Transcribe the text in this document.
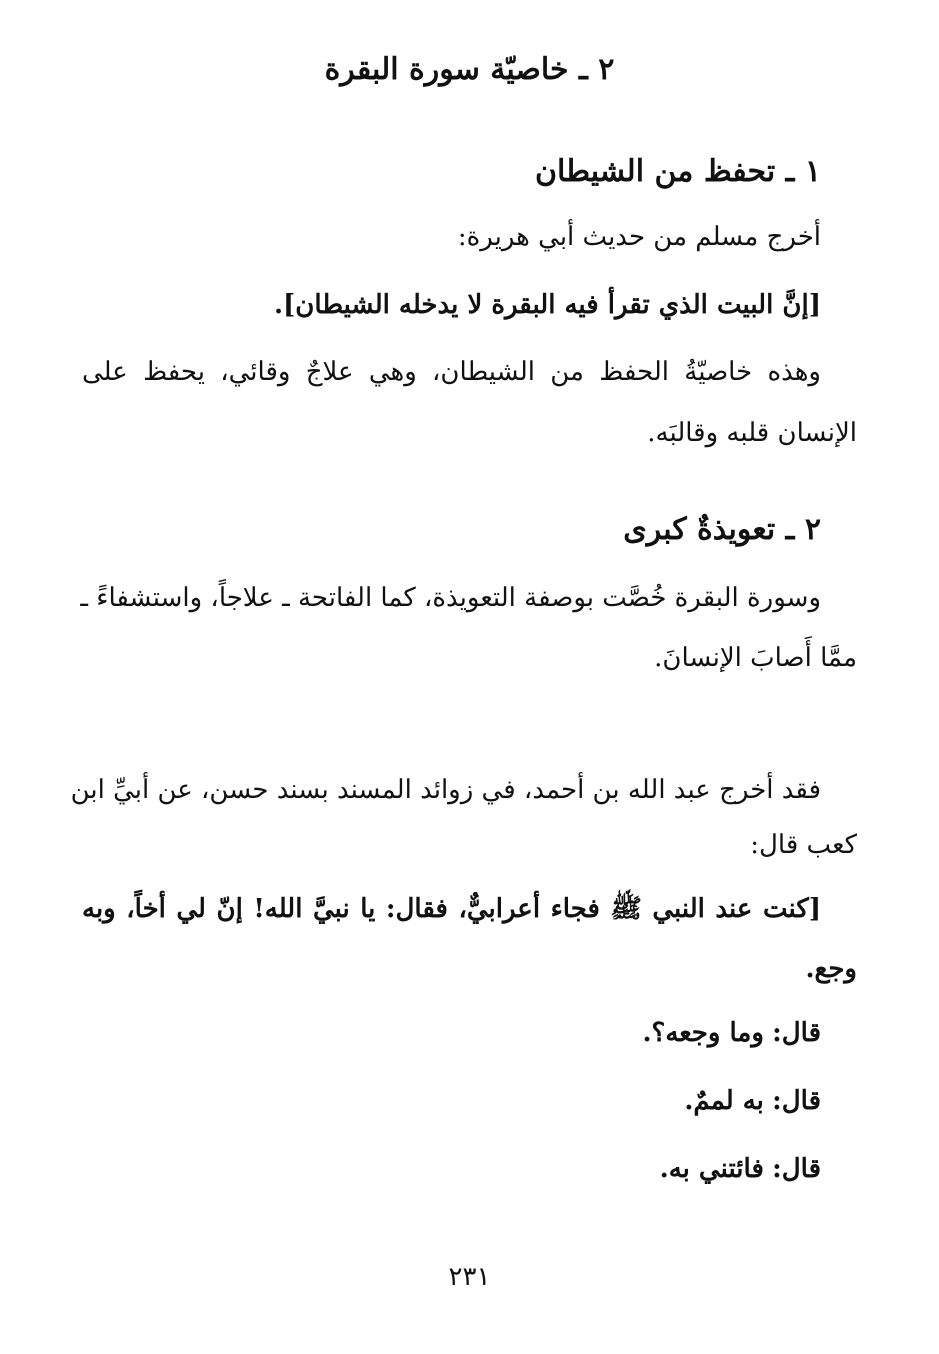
٢ ـ خاصيّة سورة البقرة
١ ـ تحفظ من الشيطان
أخرج مسلم من حديث أبي هريرة:
[إنَّ البيت الذي تقرأ فيه البقرة لا يدخله الشيطان].
وهذه خاصيّةُ الحفظ من الشيطان، وهي علاجٌ وقائي، يحفظ على
الإنسان قلبه وقالبَه.
٢ ـ تعويذةٌ كبرى
وسورة البقرة خُصَّت بوصفة التعويذة، كما الفاتحة ـ علاجاً، واستشفاءً ـ
ممَّا أَصابَ الإنسانَ.
فقد أخرج عبد الله بن أحمد، في زوائد المسند بسند حسن، عن أبيِّ ابن
كعب قال:
[كنت عند النبي ﷺ فجاء أعرابيٌّ، فقال: يا نبيَّ الله! إنّ لي أخاً، وبه
وجع.
قال: وما وجعه؟.
قال: به لممٌ.
قال: فائتني به.
٢٣١
